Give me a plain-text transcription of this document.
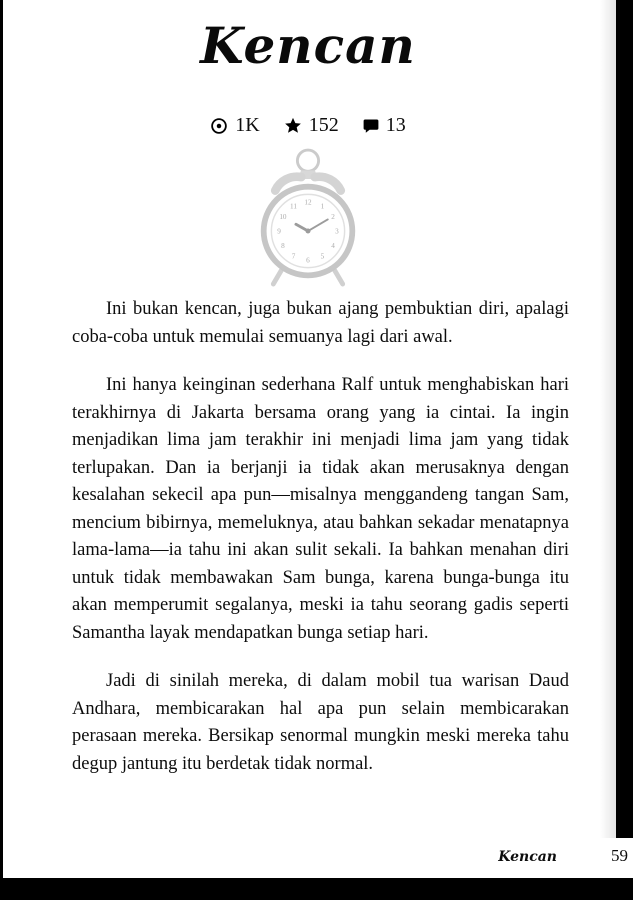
Kencan
1K 152 13
12 1
2
3
4
5
6
7
8
9
10
11

Ini bukan kencan, juga bukan ajang pembuktian diri, apalagi coba-coba untuk memulai semuanya lagi dari awal.

Ini hanya keinginan sederhana Ralf untuk menghabiskan hari terakhirnya di Jakarta bersama orang yang ia cintai. Ia ingin menjadikan lima jam terakhir ini menjadi lima jam yang tidak terlupakan. Dan ia berjanji ia tidak akan merusaknya dengan kesalahan sekecil apa pun—misalnya menggandeng tangan Sam, mencium bibirnya, memeluknya, atau bahkan sekadar menatapnya lama-lama—ia tahu ini akan sulit sekali. Ia bahkan menahan diri untuk tidak membawakan Sam bunga, karena bunga-bunga itu akan memperumit segalanya, meski ia tahu seorang gadis seperti Samantha layak mendapatkan bunga setiap hari.

Jadi di sinilah mereka, di dalam mobil tua warisan Daud Andhara, membicarakan hal apa pun selain membicarakan perasaan mereka. Bersikap senormal mungkin meski mereka tahu degup jantung itu berdetak tidak normal.

Kencan	59
